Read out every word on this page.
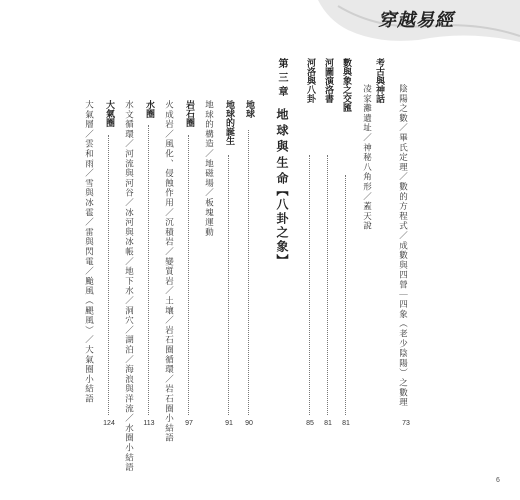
穿越易經
考古與神話
陰陽之數／畢氏定理／數的方程式／成數與四營｜四象（老少陰陽）之數理
73
凌家灘遺址／神秘八角形／蓋天說
數與象之交匯
81
河圖演洛書
81
河洛與八卦
85
第三章
地球與生命
【八卦之象】
地球
90
地球的誕生
91
地球的構造／地磁場／板塊運動
岩石圈
97
火成岩／風化、侵蝕作用／沉積岩／變質岩／土壤／岩石圈循環／岩石圈小結語
水圈
113
水文循環／河流與河谷／冰河與冰帳／地下水／洞穴／湖泊／海浪與洋流／水圈小結語
大氣圈
124
大氣層／雲和雨／雪與冰雹／雷與閃電／颱風（颶風）／大氣圈小結語
6
